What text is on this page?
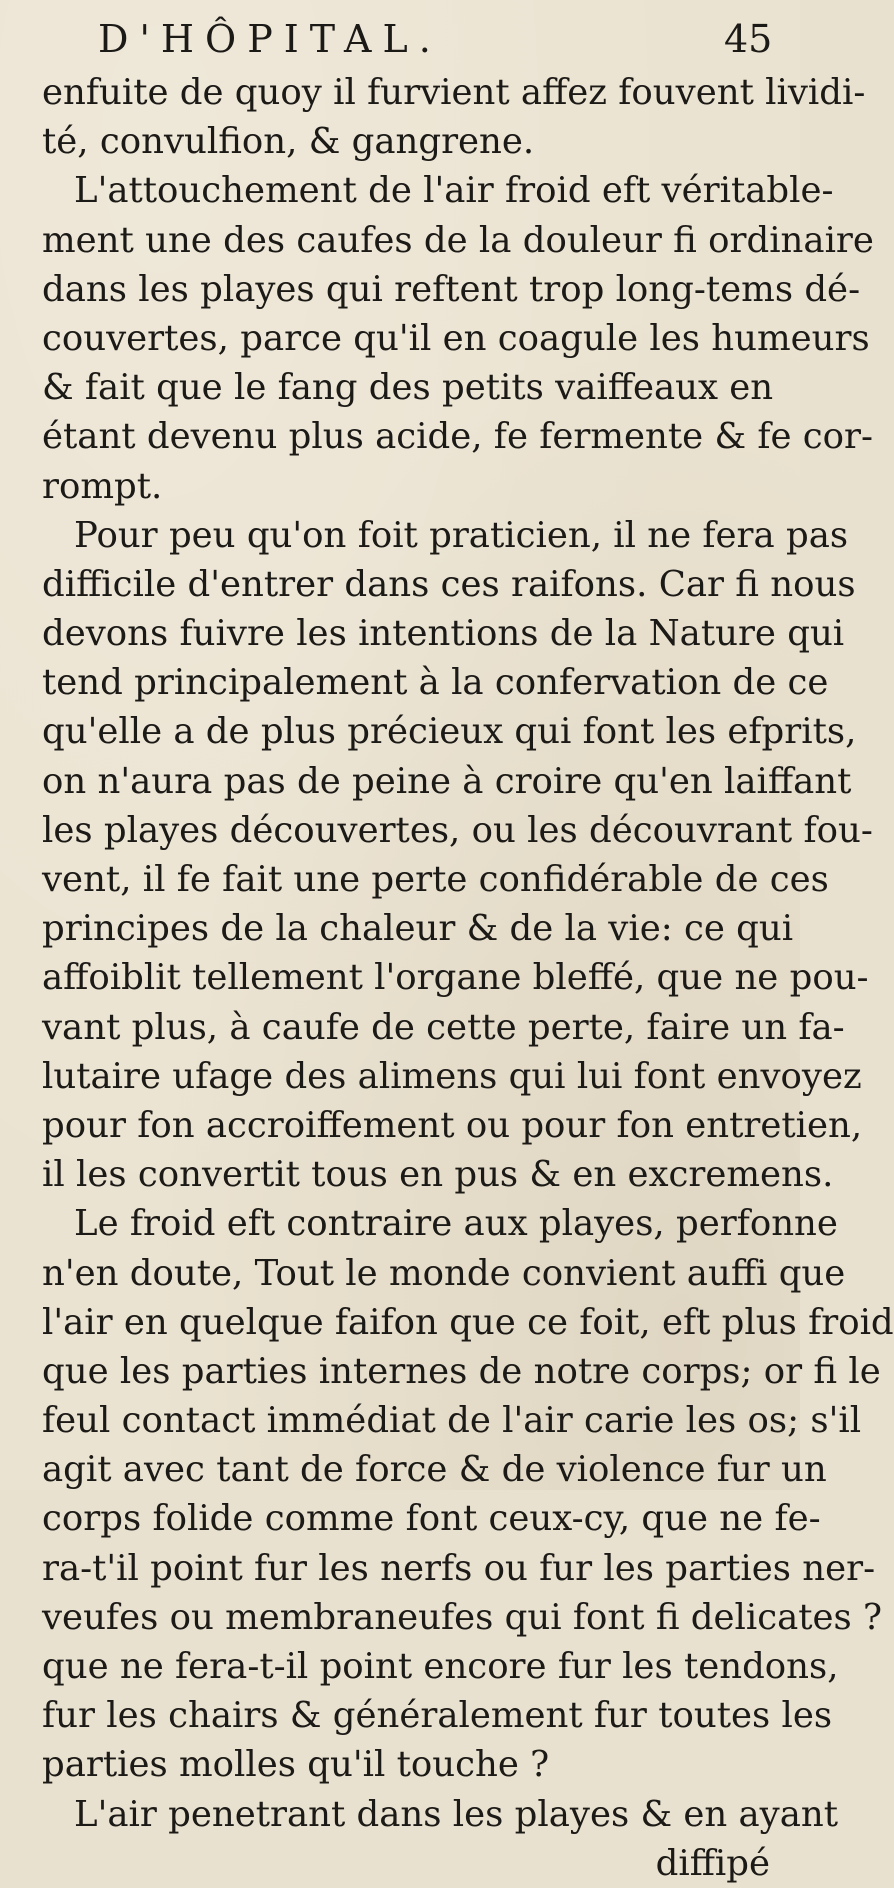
D'HÔPITAL.	45
enfuite de quoy il furvient affez fouvent lividi-
té, convulfion, & gangrene.
L'attouchement de l'air froid eft véritable-
ment une des caufes de la douleur fi ordinaire
dans les playes qui reftent trop long-tems dé-
couvertes, parce qu'il en coagule les humeurs
& fait que le fang des petits vaiffeaux en
étant devenu plus acide, fe fermente & fe cor-
rompt.
Pour peu qu'on foit praticien, il ne fera pas
difficile d'entrer dans ces raifons. Car fi nous
devons fuivre les intentions de la Nature qui
tend principalement à la confervation de ce
qu'elle a de plus précieux qui font les efprits,
on n'aura pas de peine à croire qu'en laiffant
les playes découvertes, ou les découvrant fou-
vent, il fe fait une perte confidérable de ces
principes de la chaleur & de la vie: ce qui
affoiblit tellement l'organe bleffé, que ne pou-
vant plus, à caufe de cette perte, faire un fa-
lutaire ufage des alimens qui lui font envoyez
pour fon accroiffement ou pour fon entretien,
il les convertit tous en pus & en excremens.
Le froid eft contraire aux playes, perfonne
n'en doute, Tout le monde convient auffi que
l'air en quelque faifon que ce foit, eft plus froid
que les parties internes de notre corps; or fi le
feul contact immédiat de l'air carie les os; s'il
agit avec tant de force & de violence fur un
corps folide comme font ceux-cy, que ne fe-
ra-t'il point fur les nerfs ou fur les parties ner-
veufes ou membraneufes qui font fi delicates ?
que ne fera-t-il point encore fur les tendons,
fur les chairs & généralement fur toutes les
parties molles qu'il touche ?
L'air penetrant dans les playes & en ayant
diffipé
